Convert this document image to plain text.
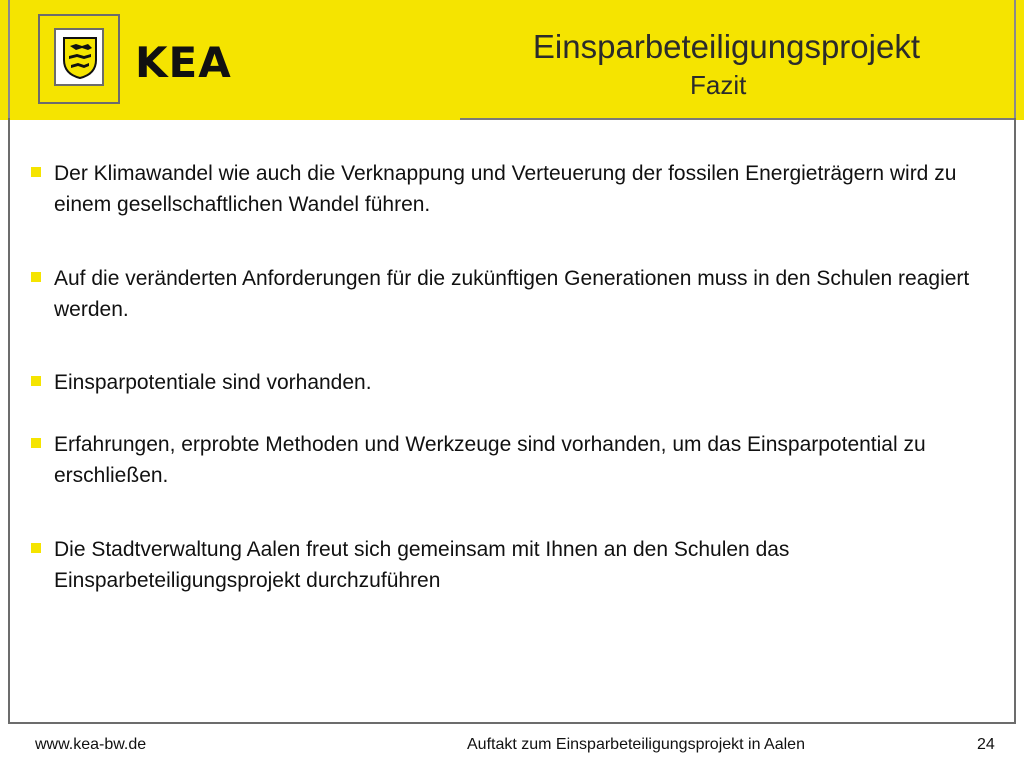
KEA	Einsparbeteiligungsprojekt
Fazit
Der Klimawandel wie auch die Verknappung und Verteuerung der fossilen Energieträgern wird zu einem gesellschaftlichen Wandel führen.
Auf die veränderten Anforderungen für die zukünftigen Generationen muss in den Schulen reagiert werden.
Einsparpotentiale sind vorhanden.
Erfahrungen, erprobte Methoden und Werkzeuge sind vorhanden, um das Einsparpotential zu erschließen.
Die Stadtverwaltung Aalen freut sich gemeinsam mit Ihnen an den Schulen das Einsparbeteiligungsprojekt durchzuführen
www.kea-bw.de	Auftakt zum Einsparbeteiligungsprojekt in Aalen	24
